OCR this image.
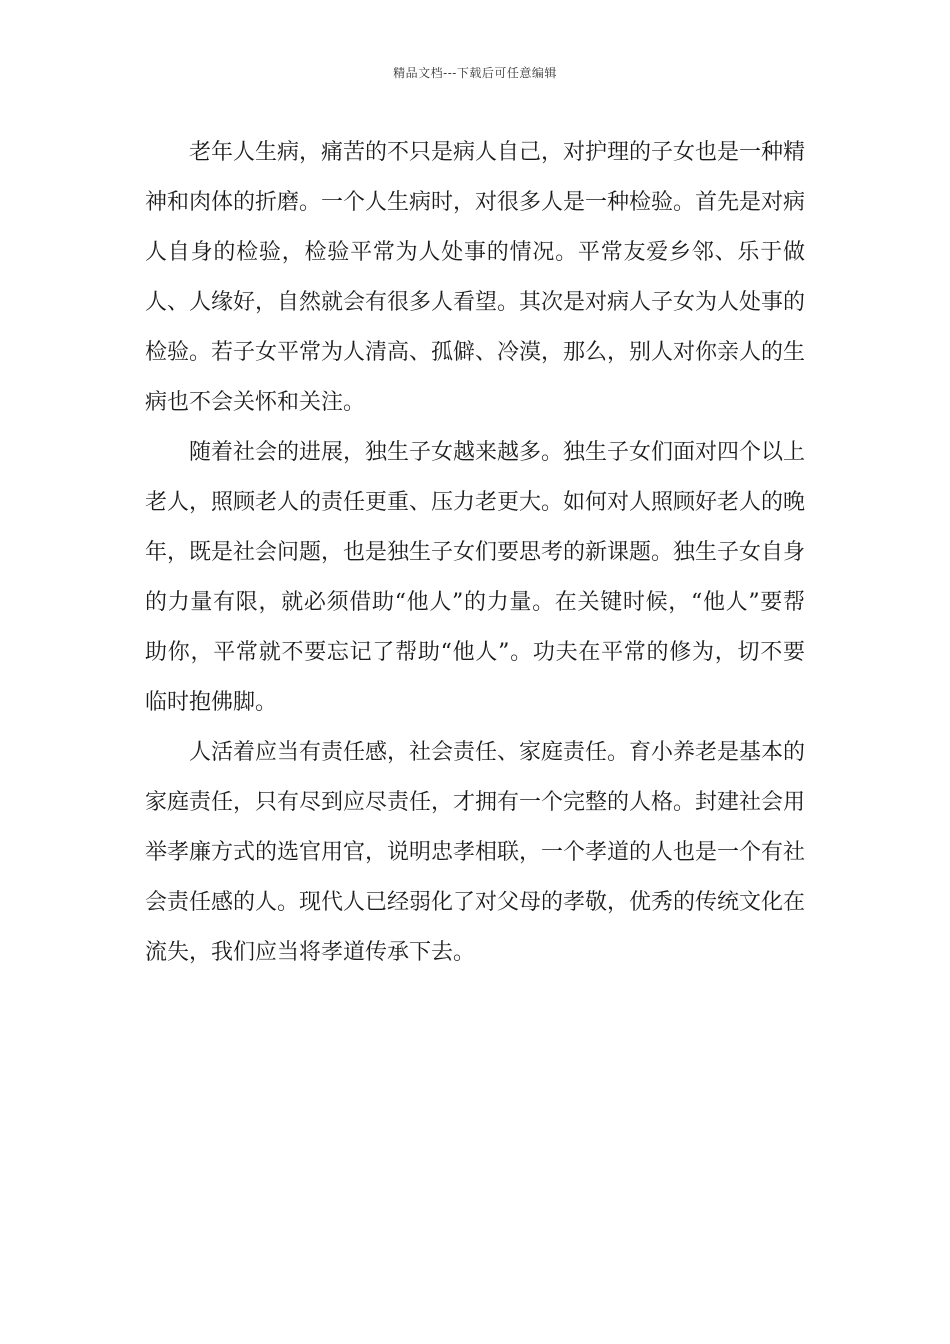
精品文档---下载后可任意编辑

老年人生病，痛苦的不只是病人自己，对护理的子女也是一种精神和肉体的折磨。一个人生病时，对很多人是一种检验。首先是对病人自身的检验，检验平常为人处事的情况。平常友爱乡邻、乐于做人、人缘好，自然就会有很多人看望。其次是对病人子女为人处事的检验。若子女平常为人清高、孤僻、冷漠，那么，别人对你亲人的生病也不会关怀和关注。

随着社会的进展，独生子女越来越多。独生子女们面对四个以上老人，照顾老人的责任更重、压力老更大。如何对人照顾好老人的晚年，既是社会问题，也是独生子女们要思考的新课题。独生子女自身的力量有限，就必须借助“他人”的力量。在关键时候，“他人”要帮助你，平常就不要忘记了帮助“他人”。功夫在平常的修为，切不要临时抱佛脚。

人活着应当有责任感，社会责任、家庭责任。育小养老是基本的家庭责任，只有尽到应尽责任，才拥有一个完整的人格。封建社会用举孝廉方式的选官用官，说明忠孝相联，一个孝道的人也是一个有社会责任感的人。现代人已经弱化了对父母的孝敬，优秀的传统文化在流失，我们应当将孝道传承下去。
